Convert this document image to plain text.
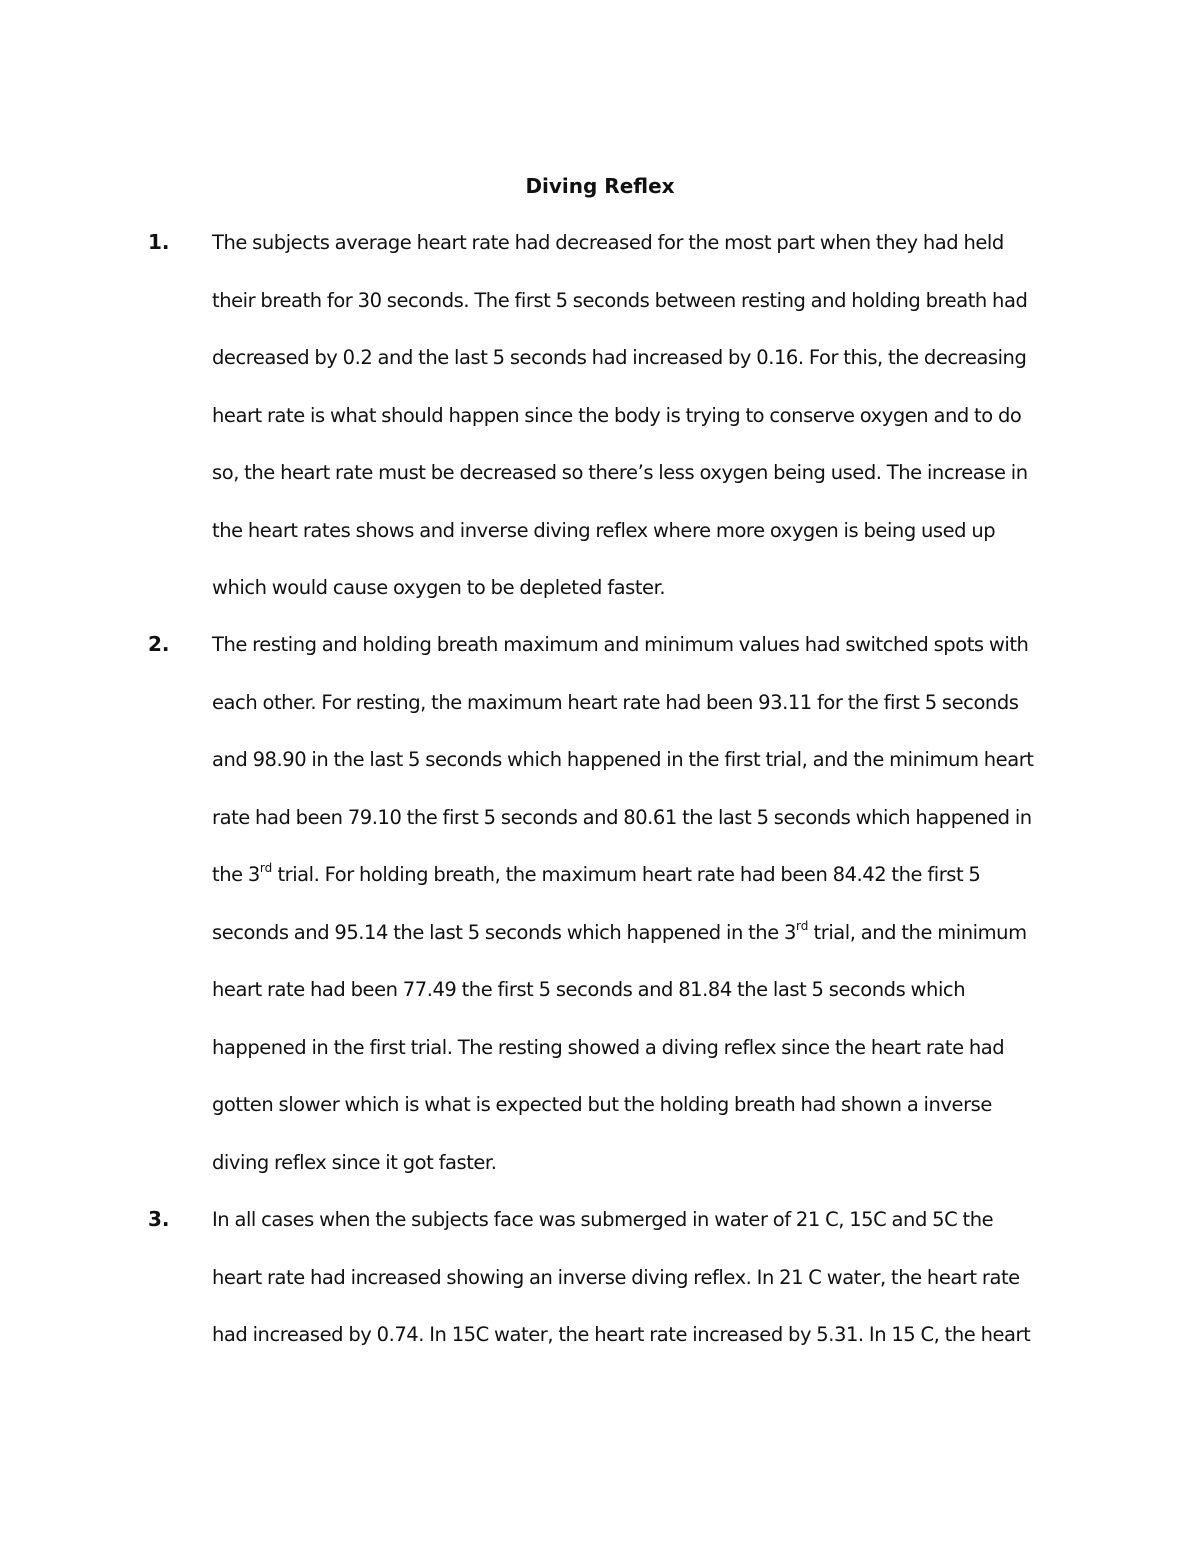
Diving Reflex
1. The subjects average heart rate had decreased for the most part when they had held
their breath for 30 seconds. The first 5 seconds between resting and holding breath had
decreased by 0.2 and the last 5 seconds had increased by 0.16. For this, the decreasing
heart rate is what should happen since the body is trying to conserve oxygen and to do
so, the heart rate must be decreased so there’s less oxygen being used. The increase in
the heart rates shows and inverse diving reflex where more oxygen is being used up
which would cause oxygen to be depleted faster.
2. The resting and holding breath maximum and minimum values had switched spots with
each other. For resting, the maximum heart rate had been 93.11 for the first 5 seconds
and 98.90 in the last 5 seconds which happened in the first trial, and the minimum heart
rate had been 79.10 the first 5 seconds and 80.61 the last 5 seconds which happened in
the 3rd trial. For holding breath, the maximum heart rate had been 84.42 the first 5
seconds and 95.14 the last 5 seconds which happened in the 3rd trial, and the minimum
heart rate had been 77.49 the first 5 seconds and 81.84 the last 5 seconds which
happened in the first trial. The resting showed a diving reflex since the heart rate had
gotten slower which is what is expected but the holding breath had shown a inverse
diving reflex since it got faster.
3. In all cases when the subjects face was submerged in water of 21 C, 15C and 5C the
heart rate had increased showing an inverse diving reflex. In 21 C water, the heart rate
had increased by 0.74. In 15C water, the heart rate increased by 5.31. In 15 C, the heart
